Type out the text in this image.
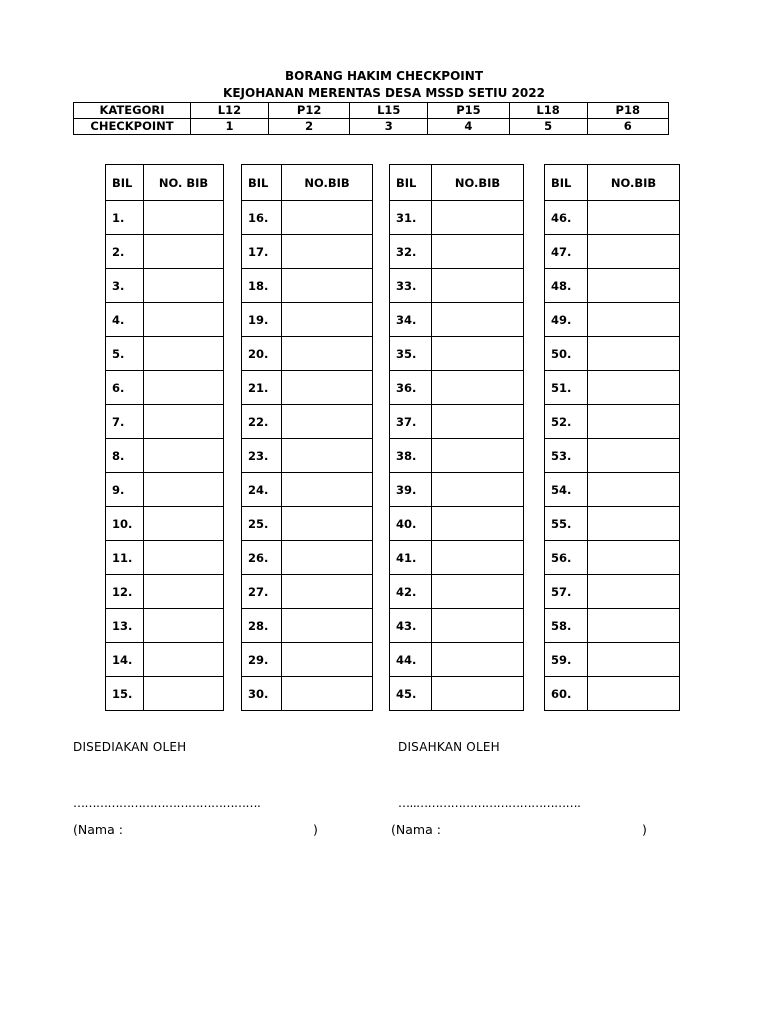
BORANG HAKIM CHECKPOINT
KEJOHANAN MERENTAS DESA MSSD SETIU 2022
KATEGORI	L12	P12	L15	P15	L18	P18
CHECKPOINT	1	2	3	4	5	6
BIL	NO. BIB
1.	
2.	
3.	
4.	
5.	
6.	
7.	
8.	
9.	
10.	
11.	
12.	
13.	
14.	
15.	
BIL	NO.BIB
16.	
17.	
18.	
19.	
20.	
21.	
22.	
23.	
24.	
25.	
26.	
27.	
28.	
29.	
30.	
BIL	NO.BIB
31.	
32.	
33.	
34.	
35.	
36.	
37.	
38.	
39.	
40.	
41.	
42.	
43.	
44.	
45.	
BIL	NO.BIB
46.	
47.	
48.	
49.	
50.	
51.	
52.	
53.	
54.	
55.	
56.	
57.	
58.	
59.	
60.	
DISEDIAKAN OLEH	DISAHKAN OLEH
………………………………………….	…..…………………………………….
(Nama :	)	(Nama :	)
